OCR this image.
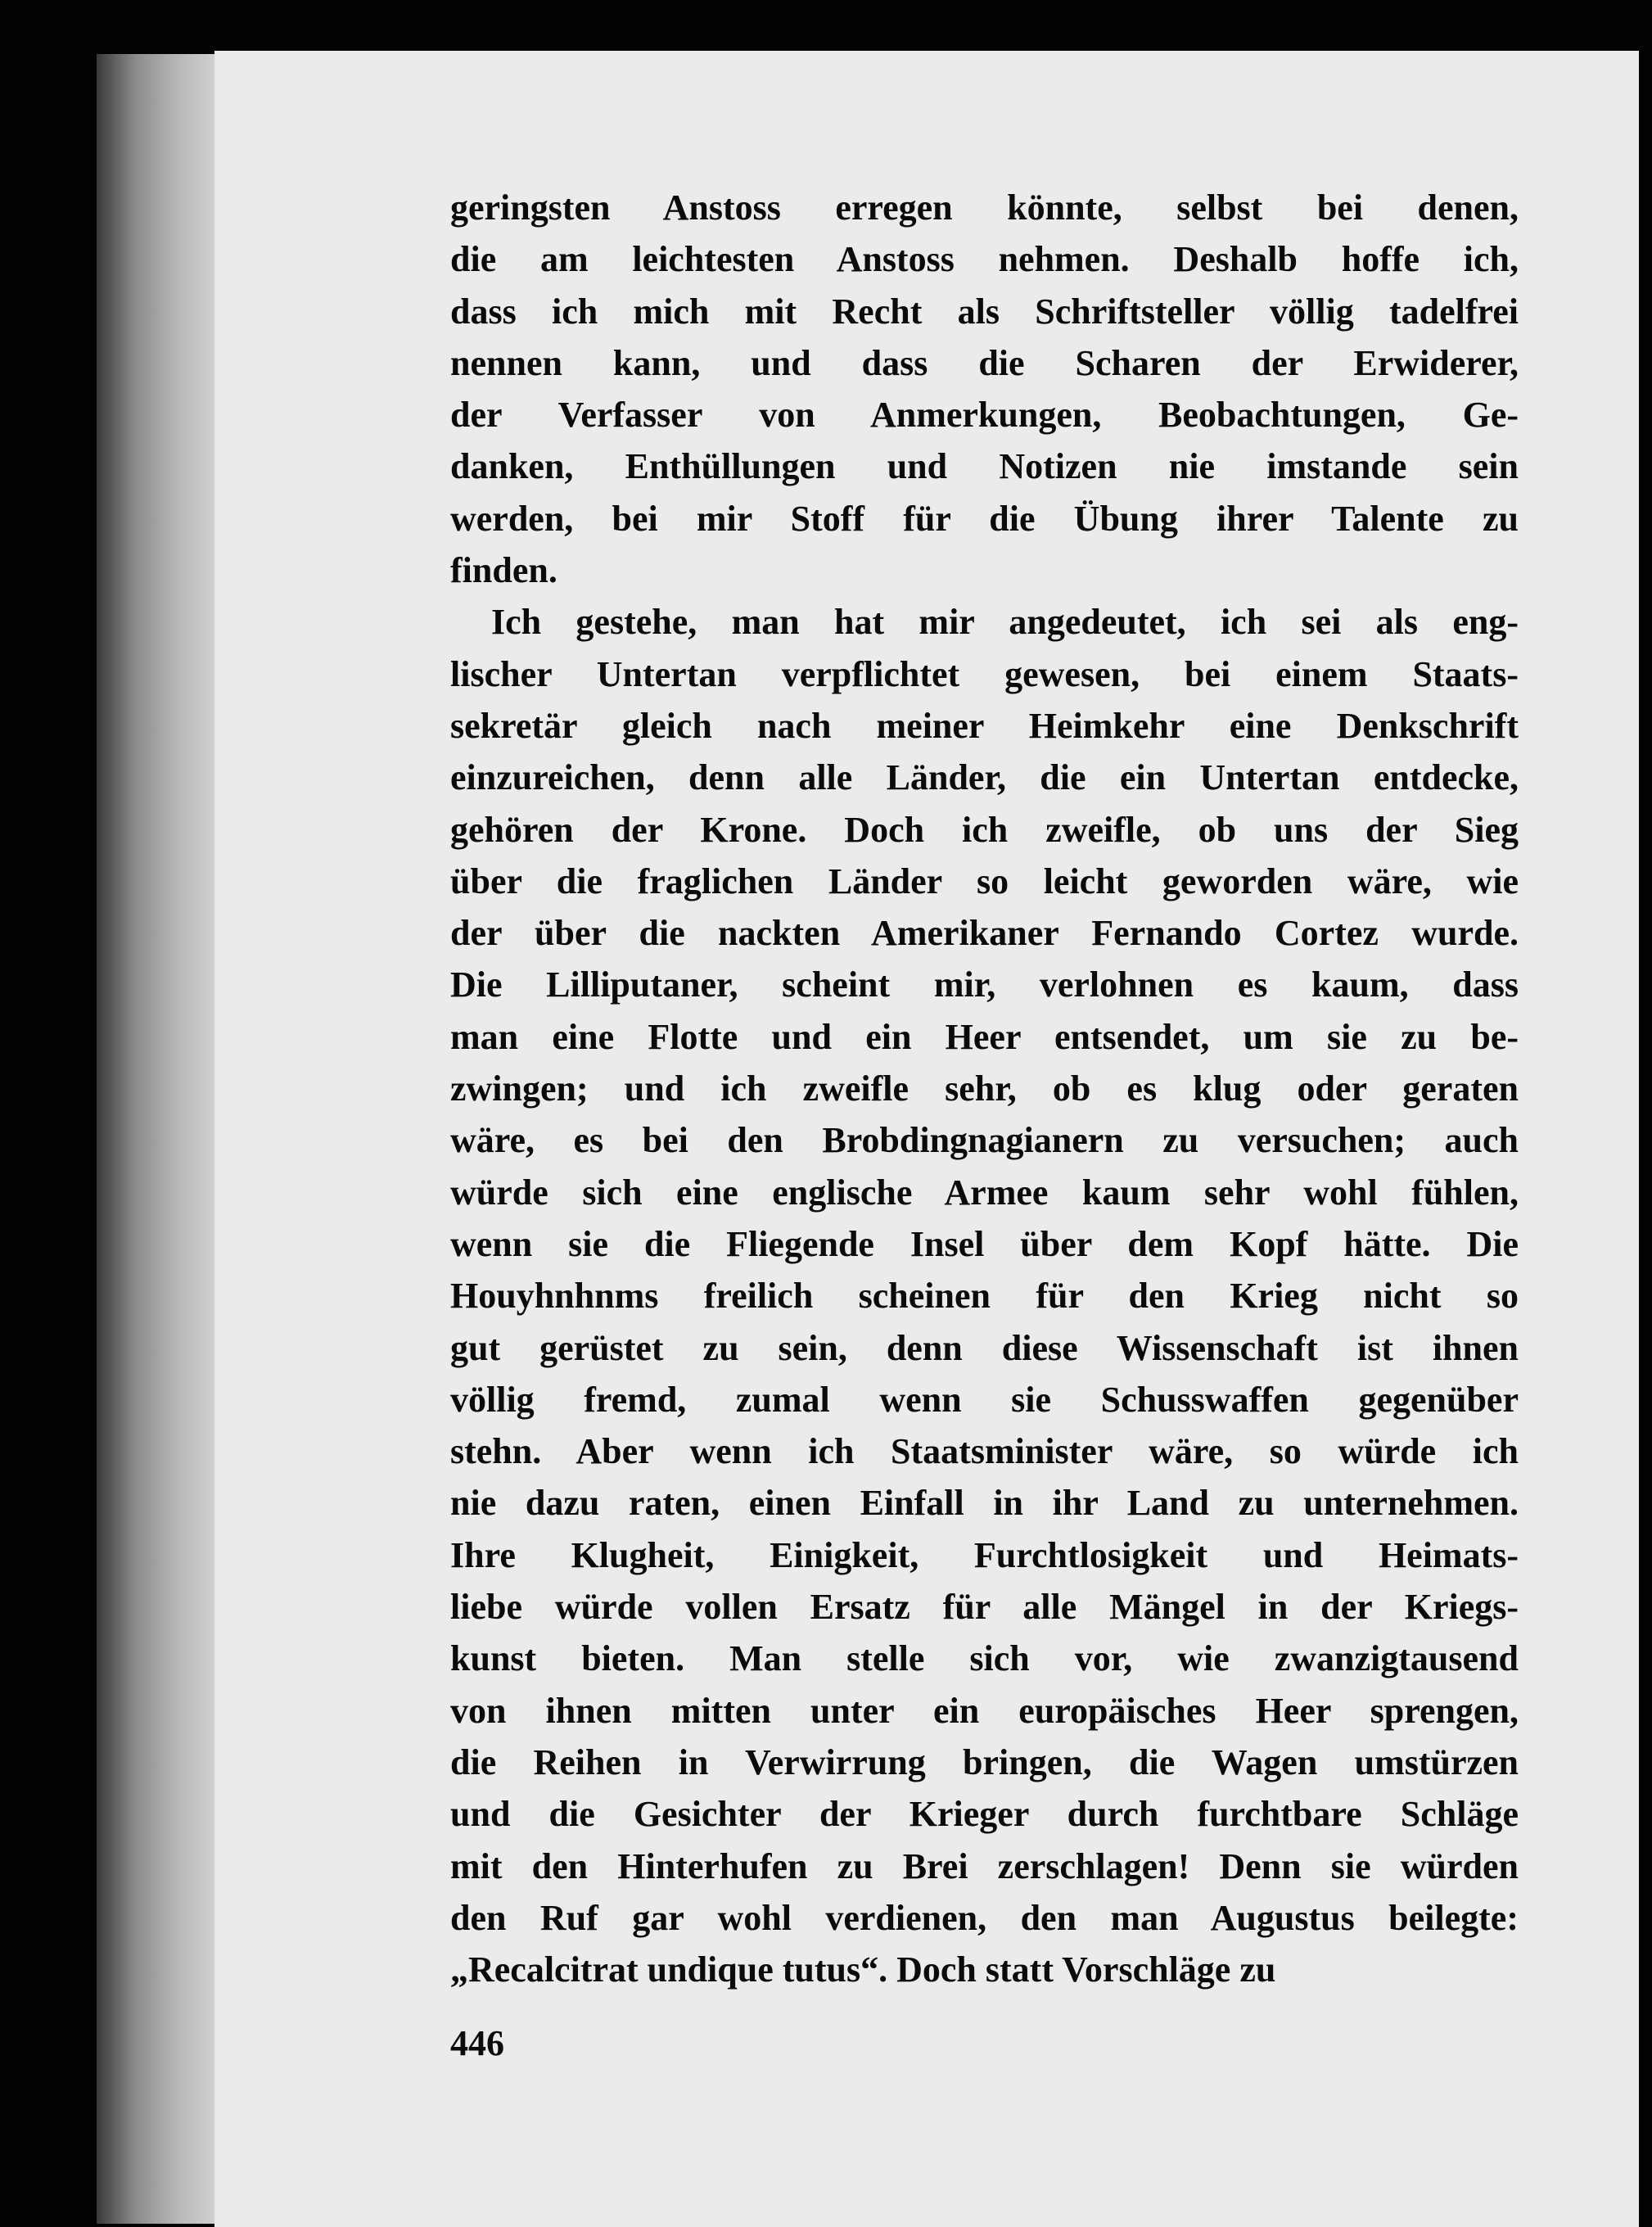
geringsten Anstoss erregen könnte, selbst bei denen,
die am leichtesten Anstoss nehmen. Deshalb hoffe ich,
dass ich mich mit Recht als Schriftsteller völlig tadelfrei
nennen kann, und dass die Scharen der Erwiderer,
der Verfasser von Anmerkungen, Beobachtungen, Ge-
danken, Enthüllungen und Notizen nie imstande sein
werden, bei mir Stoff für die Übung ihrer Talente zu
finden.
Ich gestehe, man hat mir angedeutet, ich sei als eng-
lischer Untertan verpflichtet gewesen, bei einem Staats-
sekretär gleich nach meiner Heimkehr eine Denkschrift
einzureichen, denn alle Länder, die ein Untertan entdecke,
gehören der Krone. Doch ich zweifle, ob uns der Sieg
über die fraglichen Länder so leicht geworden wäre, wie
der über die nackten Amerikaner Fernando Cortez wurde.
Die Lilliputaner, scheint mir, verlohnen es kaum, dass
man eine Flotte und ein Heer entsendet, um sie zu be-
zwingen; und ich zweifle sehr, ob es klug oder geraten
wäre, es bei den Brobdingnagianern zu versuchen; auch
würde sich eine englische Armee kaum sehr wohl fühlen,
wenn sie die Fliegende Insel über dem Kopf hätte. Die
Houyhnhnms freilich scheinen für den Krieg nicht so
gut gerüstet zu sein, denn diese Wissenschaft ist ihnen
völlig fremd, zumal wenn sie Schusswaffen gegenüber
stehn. Aber wenn ich Staatsminister wäre, so würde ich
nie dazu raten, einen Einfall in ihr Land zu unternehmen.
Ihre Klugheit, Einigkeit, Furchtlosigkeit und Heimats-
liebe würde vollen Ersatz für alle Mängel in der Kriegs-
kunst bieten. Man stelle sich vor, wie zwanzigtausend
von ihnen mitten unter ein europäisches Heer sprengen,
die Reihen in Verwirrung bringen, die Wagen umstürzen
und die Gesichter der Krieger durch furchtbare Schläge
mit den Hinterhufen zu Brei zerschlagen! Denn sie würden
den Ruf gar wohl verdienen, den man Augustus beilegte:
„Recalcitrat undique tutus“. Doch statt Vorschläge zu
446
